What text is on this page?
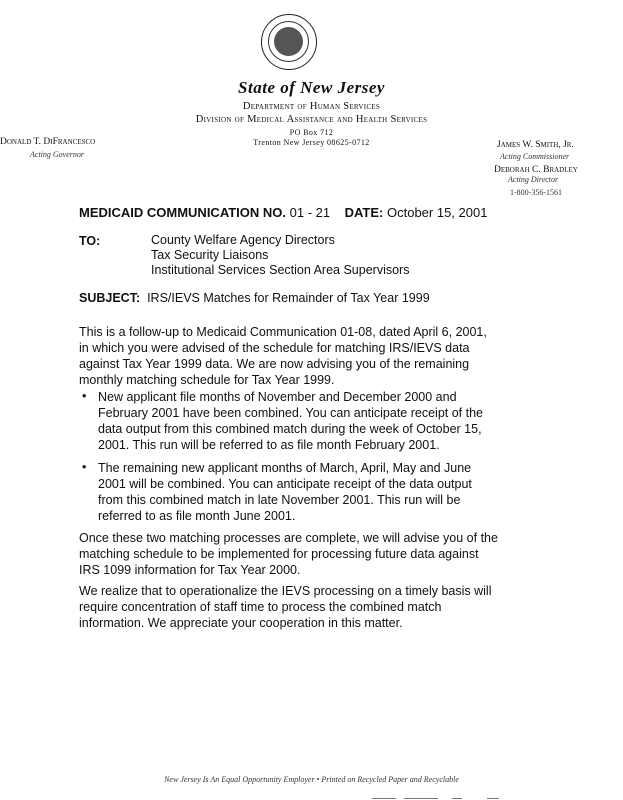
State of New Jersey
Department of Human Services
Division of Medical Assistance and Health Services
PO Box 712
Trenton New Jersey 08625-0712
Donald T. DiFrancesco
Acting Governor
James W. Smith, Jr.
Acting Commissioner
Deborah C. Bradley
Acting Director
1-800-356-1561
MEDICAID COMMUNICATION NO. 01 - 21 DATE: October 15, 2001
TO:	County Welfare Agency Directors
Tax Security Liaisons
Institutional Services Section Area Supervisors
SUBJECT: IRS/IEVS Matches for Remainder of Tax Year 1999
This is a follow-up to Medicaid Communication 01-08, dated April 6, 2001, in which you were advised of the schedule for matching IRS/IEVS data against Tax Year 1999 data. We are now advising you of the remaining monthly matching schedule for Tax Year 1999.
• New applicant file months of November and December 2000 and February 2001 have been combined. You can anticipate receipt of the data output from this combined match during the week of October 15, 2001. This run will be referred to as file month February 2001.
• The remaining new applicant months of March, April, May and June 2001 will be combined. You can anticipate receipt of the data output from this combined match in late November 2001. This run will be referred to as file month June 2001.
Once these two matching processes are complete, we will advise you of the matching schedule to be implemented for processing future data against IRS 1099 information for Tax Year 2000.
We realize that to operationalize the IEVS processing on a timely basis will require concentration of staff time to process the combined match information. We appreciate your cooperation in this matter.
New Jersey Is An Equal Opportunity Employer • Printed on Recycled Paper and Recyclable
